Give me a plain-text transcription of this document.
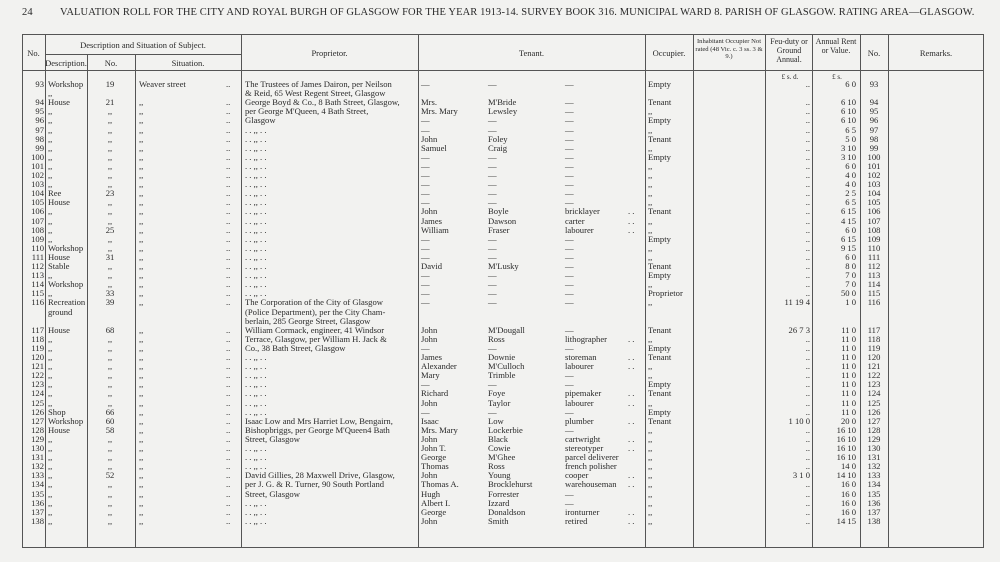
24	VALUATION ROLL FOR THE CITY AND ROYAL BURGH OF GLASGOW FOR THE YEAR 1913-14. SURVEY BOOK 316. MUNICIPAL WARD 8. PARISH OF GLASGOW. RATING AREA—GLASGOW.
No.
Description and Situation of Subject.
Description.	No.	Situation.
Proprietor.	Tenant.	Occupier.
Inhabitant Occupier Not rated (48 Vic. c. 3 ss. 3 & 9.)
Feu-duty or Ground Annual.
Annual Rent or Value.	No.	Remarks.
£ s. d.	£ s.
93 Workshop	19	Weaver street	..	The Trustees of James Dairon, per Neilson	—	—	—	Empty	..	6 0	93
,,	& Reid, 65 West Regent Street, Glasgow
94 House	21	,,	..	George Boyd & Co., 8 Bath Street, Glasgow,	Mrs.	M'Bride	—	Tenant	..	6 10	94
95 ,,	,,	,,	..	per George M'Queen, 4 Bath Street,	Mrs. Mary	Lewsley	—	,,	..	6 10	95
96 ,,	,,	,,	..	Glasgow	—	—	—	Empty	..	6 10	96
97 ,,	,,	,,	..	. . ,, . .	—	—	—	,,	..	6 5	97
98 ,,	,,	,,	..	. . ,, . .	John	Foley	—	Tenant	..	5 0	98
99 ,,	,,	,,	..	. . ,, . .	Samuel	Craig	—	,,	..	3 10	99
100 ,,	,,	,,	..	. . ,, . .	—	—	—	Empty	..	3 10	100
101 ,,	,,	,,	..	. . ,, . .	—	—	—	,,	..	6 0	101
102 ,,	,,	,,	..	. . ,, . .	—	—	—	,,	..	4 0	102
103 ,,	,,	,,	..	. . ,, . .	—	—	—	,,	..	4 0	103
104 Ree	23	,,	..	. . ,, . .	—	—	—	,,	..	2 5	104
105 House	,,	,,	..	. . ,, . .	—	—	—	,,	..	6 5	105
106 ,,	,,	,,	..	. . ,, . .	John	Boyle	bricklayer	. .	Tenant	..	6 15	106
107 ,,	,,	,,	..	. . ,, . .	James	Dawson	carter	. .	,,	..	4 15	107
108 ,,	25	,,	..	. . ,, . .	William	Fraser	labourer	. .	,,	..	6 0	108
109 ,,	,,	,,	..	. . ,, . .	—	—	—	Empty	..	6 15	109
110 Workshop	,,	,,	..	. . ,, . .	—	—	—	,,	..	9 15	110
111 House	31	,,	..	. . ,, . .	—	—	—	,,	..	6 0	111
112 Stable	,,	,,	..	. . ,, . .	David	M'Lusky	—	Tenant	..	8 0	112
113 ,,	,,	,,	..	. . ,, . .	—	—	—	Empty	..	7 0	113
114 Workshop	,,	,,	..	. . ,, . .	—	—	—	,,	..	7 0	114
115 ,,	33	,,	..	. . ,, . .	—	—	—	Proprietor	..	50 0	115
116 Recreation	39	,,	..	The Corporation of the City of Glasgow	—	—	—	,,	11 19 4	1 0	116
ground	(Police Department), per the City Cham-
berlain, 285 George Street, Glasgow
117 House	68	,,	..	William Cormack, engineer, 41 Windsor	John	M'Dougall	—	Tenant	26 7 3	11 0	117
118 ,,	,,	,,	..	Terrace, Glasgow, per William H. Jack &	John	Ross	lithographer	. .	,,	..	11 0	118
119 ,,	,,	,,	..	Co., 38 Bath Street, Glasgow	—	—	—	Empty	..	11 0	119
120 ,,	,,	,,	..	. . ,, . .	James	Downie	storeman	. .	Tenant	..	11 0	120
121 ,,	,,	,,	..	. . ,, . .	Alexander	M'Culloch	labourer	. .	,,	..	11 0	121
122 ,,	,,	,,	..	. . ,, . .	Mary	Trimble	—	,,	..	11 0	122
123 ,,	,,	,,	..	. . ,, . .	—	—	—	Empty	..	11 0	123
124 ,,	,,	,,	..	. . ,, . .	Richard	Foye	pipemaker	. .	Tenant	..	11 0	124
125 ,,	,,	,,	..	. . ,, . .	John	Taylor	labourer	. .	,,	..	11 0	125
126 Shop	66	,,	..	. . ,, . .	—	—	—	Empty	..	11 0	126
127 Workshop	60	,,	..	Isaac Low and Mrs Harriet Low, Bengairn,	Isaac	Low	plumber	. .	Tenant	1 10 0	20 0	127
128 House	58	,,	..	Bishopbriggs, per George M'Queen4 Bath	Mrs. Mary	Lockerbie	—	,,	..	16 10	128
129 ,,	,,	,,	..	Street, Glasgow	John	Black	cartwright	. .	,,	..	16 10	129
130 ,,	,,	,,	..	. . ,, . .	John T.	Cowie	stereotyper	. .	,,	..	16 10	130
131 ,,	,,	,,	..	. . ,, . .	George	M'Ghee	parcel deliverer	,,	..	16 10	131
132 ,,	,,	,,	..	. . ,, . .	Thomas	Ross	french polisher	,,	..	14 0	132
133 ,,	52	,,	..	David Gillies, 28 Maxwell Drive, Glasgow,	John	Young	cooper	. .	,,	3 1 0	14 10	133
134 ,,	,,	,,	..	per J. G. & R. Turner, 90 South Portland	Thomas A.	Brocklehurst	warehouseman	. .	,,	..	16 0	134
135 ,,	,,	,,	..	Street, Glasgow	Hugh	Forrester	—	,,	..	16 0	135
136 ,,	,,	,,	..	. . ,, . .	Albert I.	Izzard	—	,,	..	16 0	136
137 ,,	,,	,,	..	. . ,, . .	George	Donaldson	ironturner	. .	,,	..	16 0	137
138 ,,	,,	,,	..	. . ,, . .	John	Smith	retired	. .	,,	..	14 15	138
